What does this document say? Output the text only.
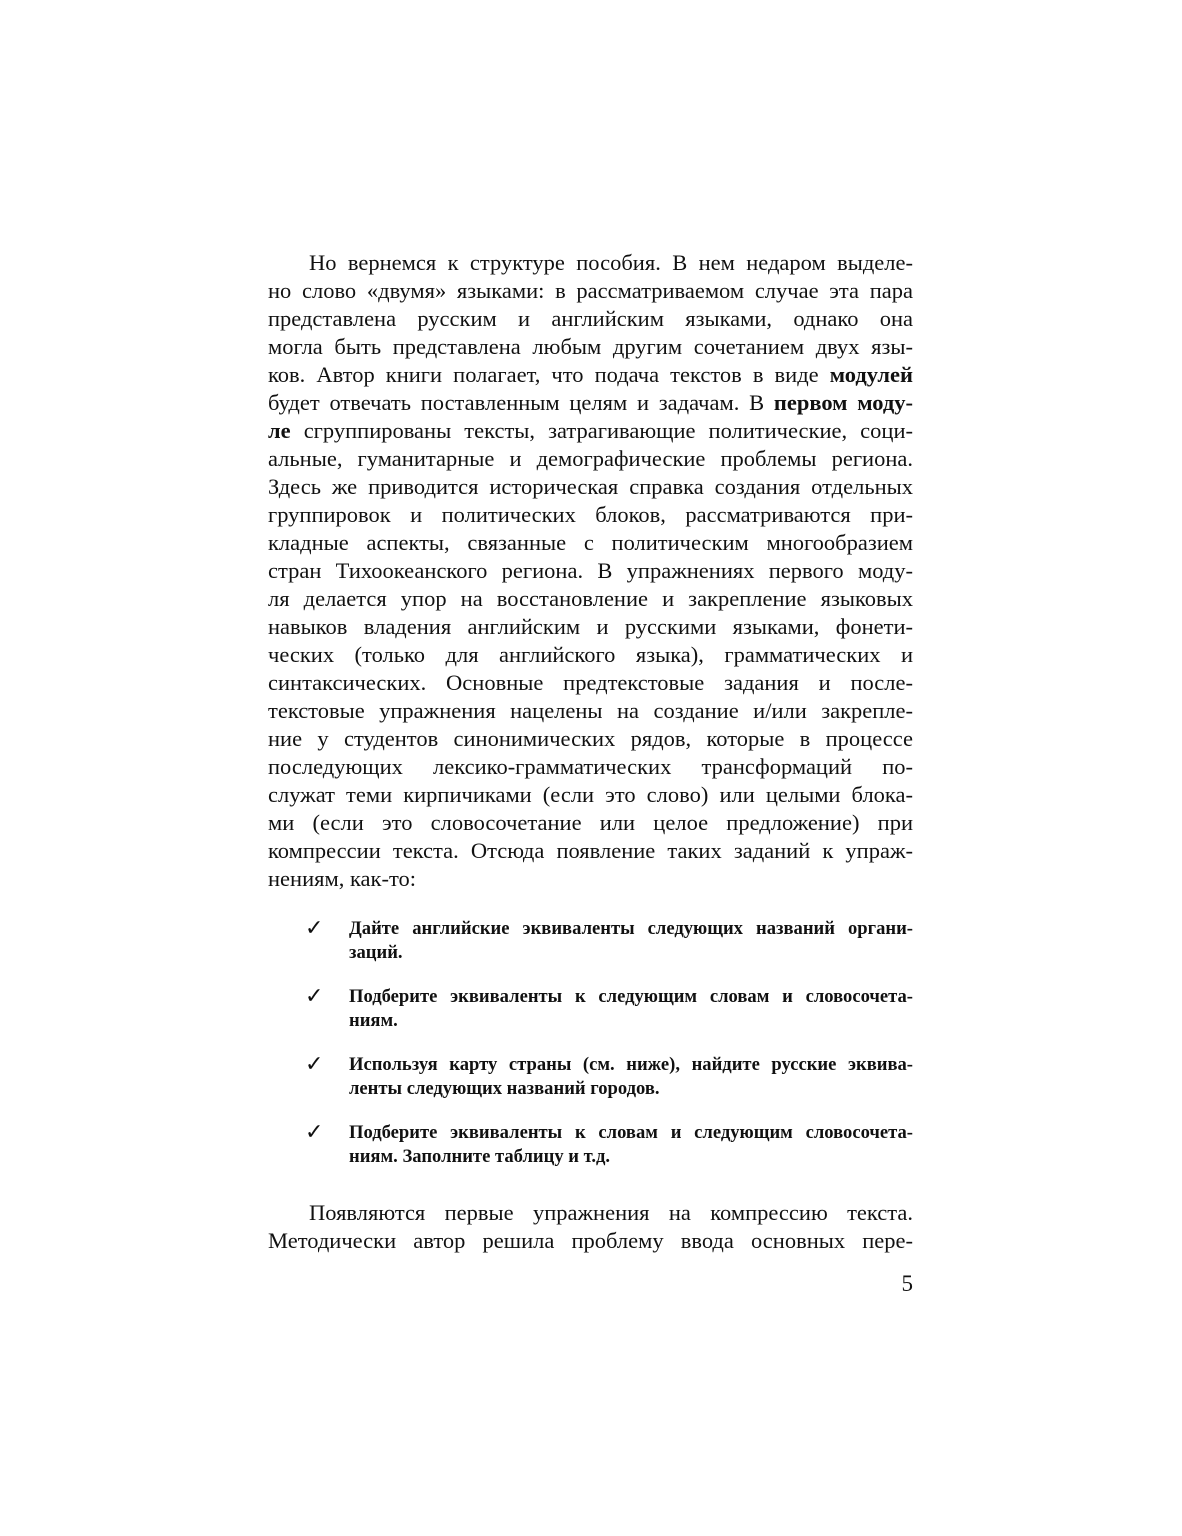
Но вернемся к структуре пособия. В нем недаром выделе-
но слово «двумя» языками: в рассматриваемом случае эта пара
представлена русским и английским языками, однако она
могла быть представлена любым другим сочетанием двух язы-
ков. Автор книги полагает, что подача текстов в виде модулей
будет отвечать поставленным целям и задачам. В первом моду-
ле сгруппированы тексты, затрагивающие политические, соци-
альные, гуманитарные и демографические проблемы региона.
Здесь же приводится историческая справка создания отдельных
группировок и политических блоков, рассматриваются при-
кладные аспекты, связанные с политическим многообразием
стран Тихоокеанского региона. В упражнениях первого моду-
ля делается упор на восстановление и закрепление языковых
навыков владения английским и русскими языками, фонети-
ческих (только для английского языка), грамматических и
синтаксических. Основные предтекстовые задания и после-
текстовые упражнения нацелены на создание и/или закрепле-
ние у студентов синонимических рядов, которые в процессе
последующих лексико-грамматических трансформаций по-
служат теми кирпичиками (если это слово) или целыми блока-
ми (если это словосочетание или целое предложение) при
компрессии текста. Отсюда появление таких заданий к упраж-
нениям, как-то:
✓ Дайте английские эквиваленты следующих названий органи-
заций.
✓ Подберите эквиваленты к следующим словам и словосочета-
ниям.
✓ Используя карту страны (см. ниже), найдите русские эквива-
ленты следующих названий городов.
✓ Подберите эквиваленты к словам и следующим словосочета-
ниям. Заполните таблицу и т.д.
Появляются первые упражнения на компрессию текста.
Методически автор решила проблему ввода основных пере-
5
